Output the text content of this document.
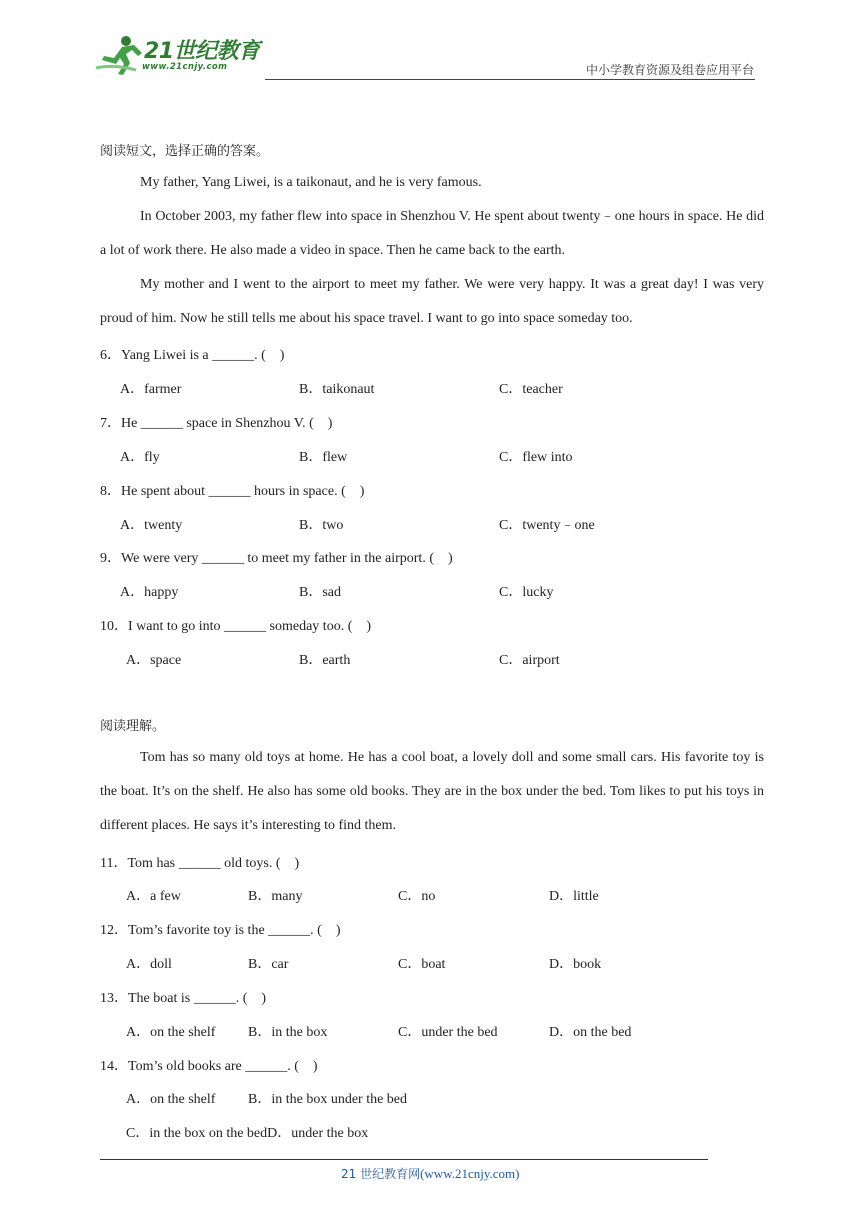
21世纪教育
www.21cnjy.com	中小学教育资源及组卷应用平台
阅读短文，选择正确的答案。
My father, Yang Liwei, is a taikonaut, and he is very famous.
In October 2003, my father flew into space in Shenzhou V. He spent about twenty﹣one hours in space. He did a lot of work there. He also made a video in space. Then he came back to the earth.
My mother and I went to the airport to meet my father. We were very happy. It was a great day! I was very proud of him. Now he still tells me about his space travel. I want to go into space someday too.
6．Yang Liwei is a ______. (　)
A．farmer	B．taikonaut	C．teacher
7．He ______ space in Shenzhou V. (　)
A．fly	B．flew	C．flew into
8．He spent about ______ hours in space. (　)
A．twenty	B．two	C．twenty﹣one
9．We were very ______ to meet my father in the airport. (　)
A．happy	B．sad	C．lucky
10．I want to go into ______ someday too. (　)
A．space	B．earth	C．airport
阅读理解。
Tom has so many old toys at home. He has a cool boat, a lovely doll and some small cars. His favorite toy is the boat. It’s on the shelf. He also has some old books. They are in the box under the bed. Tom likes to put his toys in different places. He says it’s interesting to find them.
11．Tom has ______ old toys. (　)
A．a few	B．many	C．no	D．little
12．Tom’s favorite toy is the ______. (　)
A．doll	B．car	C．boat	D．book
13．The boat is ______. (　)
A．on the shelf B．in the box	C．under the bed	D．on the bed
14．Tom’s old books are ______. (　)
A．on the shelf B．in the box under the bed
C．in the box on the bedD．under the box
21 世纪教育网(www.21cnjy.com)
